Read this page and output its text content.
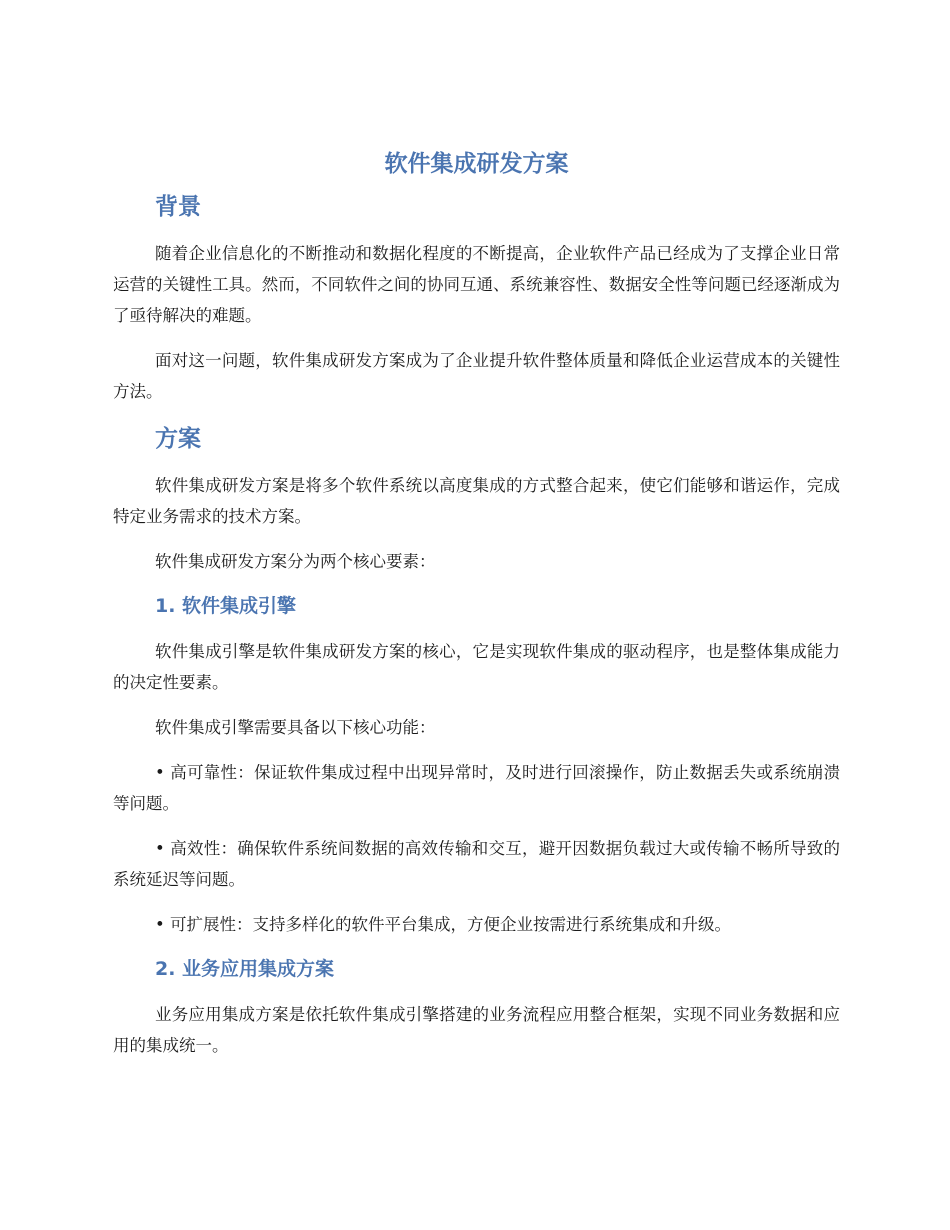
软件集成研发方案
背景

随着企业信息化的不断推动和数据化程度的不断提高，企业软件产品已经成为了支撑企业日常运营的关键性工具。然而，不同软件之间的协同互通、系统兼容性、数据安全性等问题已经逐渐成为了亟待解决的难题。

面对这一问题，软件集成研发方案成为了企业提升软件整体质量和降低企业运营成本的关键性方法。

方案

软件集成研发方案是将多个软件系统以高度集成的方式整合起来，使它们能够和谐运作，完成特定业务需求的技术方案。

软件集成研发方案分为两个核心要素：

1. 软件集成引擎

软件集成引擎是软件集成研发方案的核心，它是实现软件集成的驱动程序，也是整体集成能力的决定性要素。

软件集成引擎需要具备以下核心功能：

• 高可靠性：保证软件集成过程中出现异常时，及时进行回滚操作，防止数据丢失或系统崩溃等问题。

• 高效性：确保软件系统间数据的高效传输和交互，避开因数据负载过大或传输不畅所导致的系统延迟等问题。

• 可扩展性：支持多样化的软件平台集成，方便企业按需进行系统集成和升级。

2. 业务应用集成方案

业务应用集成方案是依托软件集成引擎搭建的业务流程应用整合框架，实现不同业务数据和应用的集成统一。
